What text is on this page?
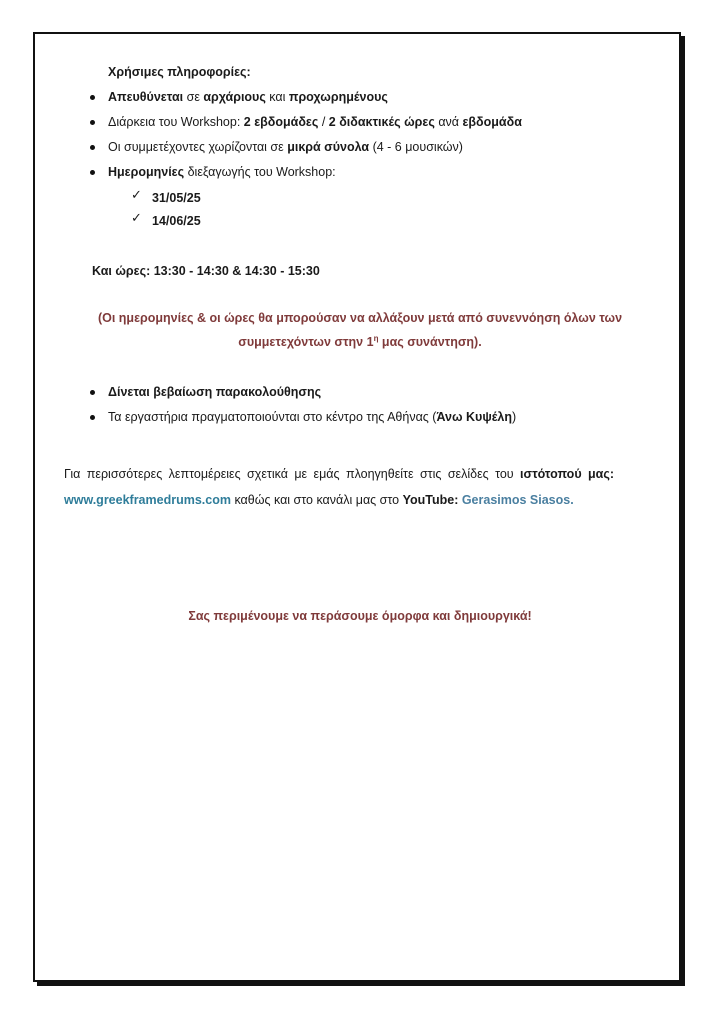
Χρήσιμες πληροφορίες:
Απευθύνεται σε αρχάριους και προχωρημένους
Διάρκεια του Workshop: 2 εβδομάδες / 2 διδακτικές ώρες ανά εβδομάδα
Οι συμμετέχοντες χωρίζονται σε μικρά σύνολα (4 - 6 μουσικών)
Ημερομηνίες διεξαγωγής του Workshop:
✓ 31/05/25
✓ 14/06/25
Και ώρες: 13:30 - 14:30 & 14:30 - 15:30
(Οι ημερομηνίες & οι ώρες θα μπορούσαν να αλλάξουν μετά από συνεννόηση όλων των
συμμετεχόντων στην $1^\eta$ μας συνάντηση).
Δίνεται βεβαίωση παρακολούθησης
Τα εργαστήρια πραγματοποιούνται στο κέντρο της Αθήνας (Άνω Κυψέλη)
Για περισσότερες λεπτομέρειες σχετικά με εμάς πλοηγηθείτε στις σελίδες του ιστότοπού μας:
www.greekframedrums.com καθώς και στο κανάλι μας στο YouTube: Gerasimos Siasos.
Σας περιμένουμε να περάσουμε όμορφα και δημιουργικά!
